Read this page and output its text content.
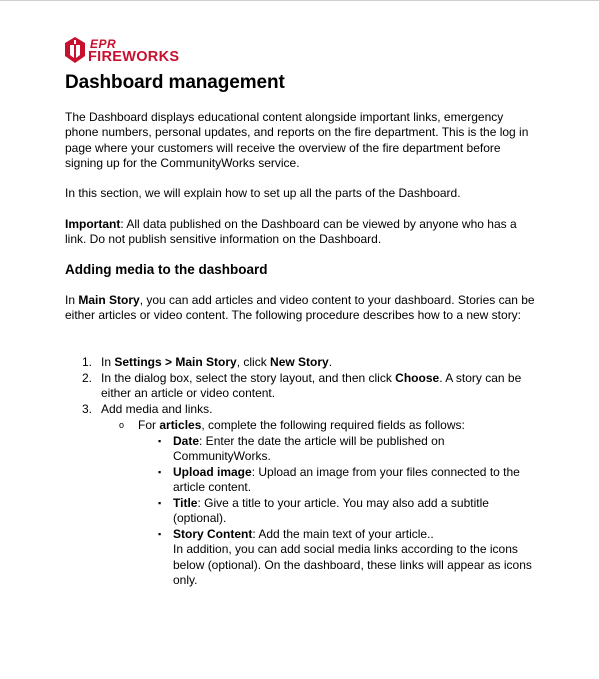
EPR
FIREWORKS
Dashboard management

The Dashboard displays educational content alongside important links, emergency phone numbers, personal updates, and reports on the fire department. This is the log in page where your customers will receive the overview of the fire department before signing up for the CommunityWorks service.

In this section, we will explain how to set up all the parts of the Dashboard.

Important: All data published on the Dashboard can be viewed by anyone who has a link. Do not publish sensitive information on the Dashboard.

Adding media to the dashboard

In Main Story, you can add articles and video content to your dashboard. Stories can be either articles or video content. The following procedure describes how to a new story:

1. In Settings > Main Story, click New Story.
2. In the dialog box, select the story layout, and then click Choose. A story can be either an article or video content.
3. Add media and links.
o For articles, complete the following required fields as follows:
▪ Date: Enter the date the article will be published on CommunityWorks.
▪ Upload image: Upload an image from your files connected to the article content.
▪ Title: Give a title to your article. You may also add a subtitle (optional).
▪ Story Content: Add the main text of your article..
In addition, you can add social media links according to the icons below (optional). On the dashboard, these links will appear as icons only.
